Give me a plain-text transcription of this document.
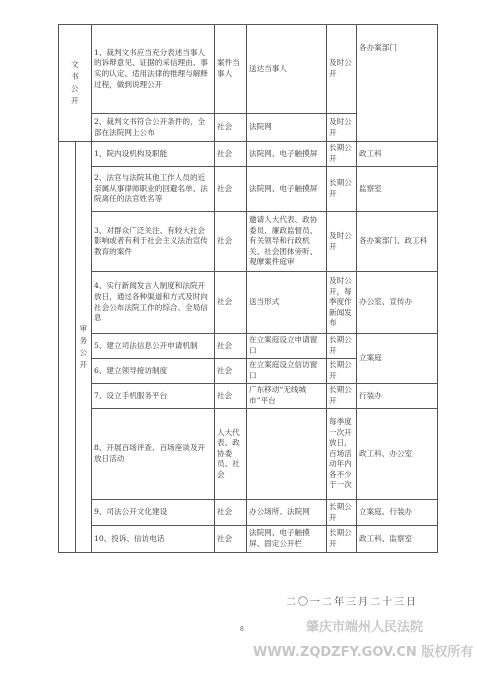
文书公开		1、裁判文书应当充分表述当事人的诉辩意见、证据的采信理由、事实的认定、适用法律的推理与解释过程，做到说理公开	案件当事人	送达当事人	及时公开	各办案部门
		2、裁判文书符合公开条件的，全部在法院网上公布	社会	法院网	及时公开	
	审务公开	1、院内设机构及职能	社会	法院网、电子触摸屏	长期公开	政工科
		2、法官与法院其他工作人员的近亲属从事律师职业的回避名单、法院离任的法官姓名等	社会	法院网、电子触摸屏	长期公开	监察室
		3、对群众广泛关注、有较大社会影响或者有利于社会主义法治宣传教育的案件	社会	邀请人大代表、政协委员、廉政监督员、有关领导和行政机关、社会团体旁听、观摩案件庭审	及时公开	各办案部门、政工科
		4、实行新闻发言人制度和法院开放日，通过各种渠道和方式及时向社会公布法院工作的综合、全局信息	社会	送当形式	及时公开，每季度作新闻发布	办公室、宣传办
		5、建立司法信息公开申请机制	社会	在立案庭设立申请窗口	长期公开	立案庭
		6、建立领导接访制度	社会	在立案庭设立信访窗口	长期公开	
		7、设立手机服务平台	社会	广东移动“无线城市”平台	长期公开	行装办
		8、开展百场评查、百场座谈及开放日活动	人大代表、政协委员、社会		每季度一次开放日，百场活动年内各不少于一次	政工科、办公室
		9、司法公开文化建设	社会	办公场所、法院网	长期公开	立案庭、行装办
		10、投诉、信访电话	社会	法院网、电子触摸屏、固定公开栏	长期公开	政工科、监察室
二〇一二年三月二十三日
8	肇庆市端州人民法院
WWW.ZQDZFY.GOV.CN 版权所有
